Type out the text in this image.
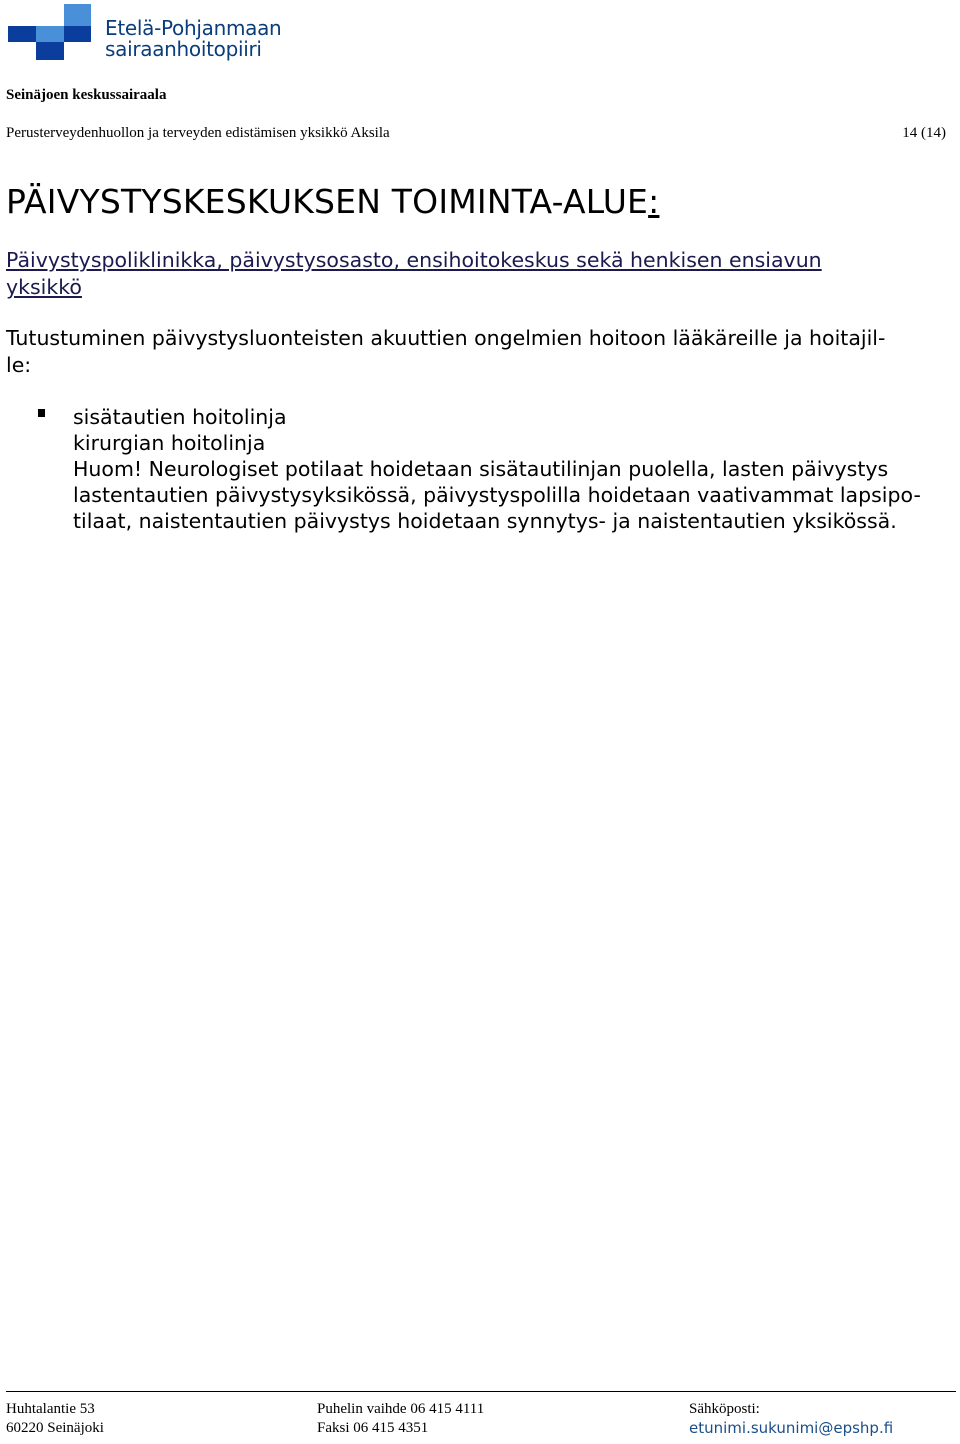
Etelä-Pohjanmaan
sairaanhoitopiiri
Seinäjoen keskussairaala
Perusterveydenhuollon ja terveyden edistämisen yksikkö Aksila	14 (14)
PÄIVYSTYSKESKUKSEN TOIMINTA-ALUE:
Päivystyspoliklinikka, päivystysosasto, ensihoitokeskus sekä henkisen ensiavun
yksikkö
Tutustuminen päivystysluonteisten akuuttien ongelmien hoitoon lääkäreille ja hoitajil-
le:
sisätautien hoitolinja
kirurgian hoitolinja
Huom! Neurologiset potilaat hoidetaan sisätautilinjan puolella, lasten päivystys
lastentautien päivystysyksikössä, päivystyspolilla hoidetaan vaativammat lapsipo-
tilaat, naistentautien päivystys hoidetaan synnytys- ja naistentautien yksikössä.
Huhtalantie 53
60220 Seinäjoki
Puhelin vaihde 06 415 4111
Faksi 06 415 4351
Sähköposti:
etunimi.sukunimi@epshp.fi
